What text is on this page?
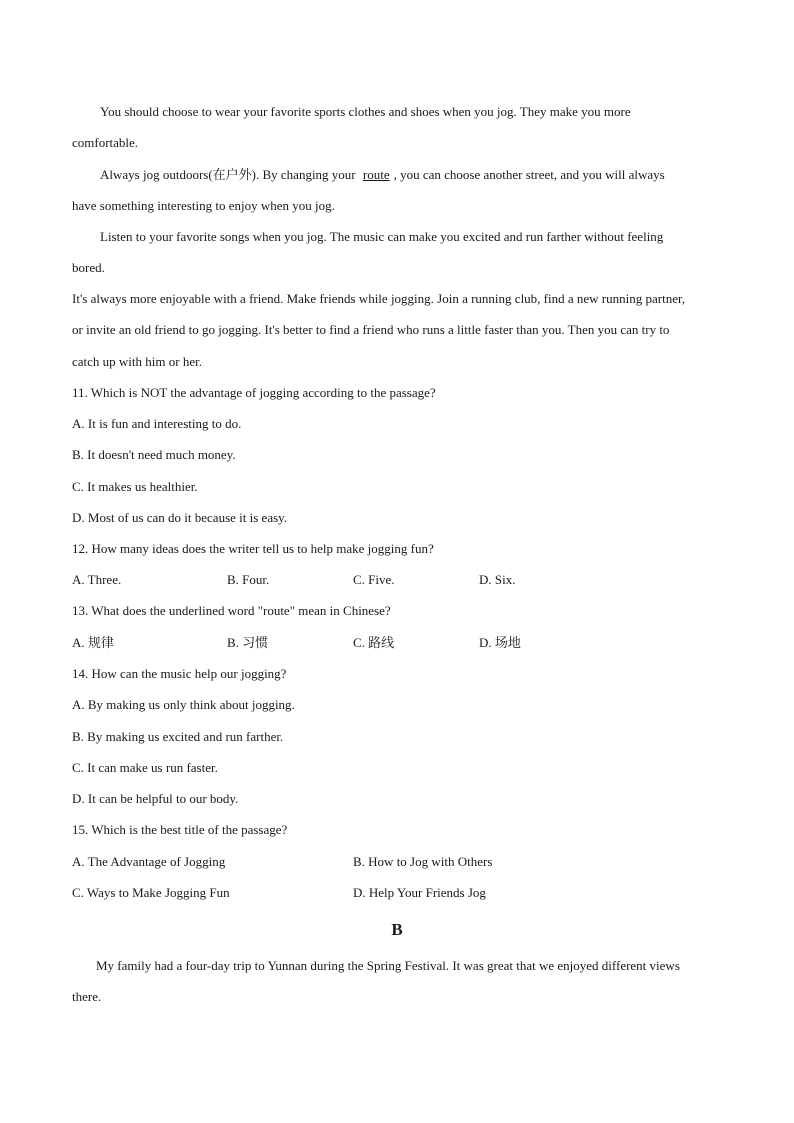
You should choose to wear your favorite sports clothes and shoes when you jog. They make you more
comfortable.
Always jog outdoors(在户外). By changing your route , you can choose another street, and you will always
have something interesting to enjoy when you jog.
Listen to your favorite songs when you jog. The music can make you excited and run farther without feeling
bored.
It's always more enjoyable with a friend. Make friends while jogging. Join a running club, find a new running partner,
or invite an old friend to go jogging. It's better to find a friend who runs a little faster than you. Then you can try to
catch up with him or her.
11. Which is NOT the advantage of jogging according to the passage?
A. It is fun and interesting to do.
B. It doesn't need much money.
C. It makes us healthier.
D. Most of us can do it because it is easy.
12. How many ideas does the writer tell us to help make jogging fun?
A. Three.	B. Four.	C. Five.	D. Six.
13. What does the underlined word "route" mean in Chinese?
A. 规律	B. 习惯	C. 路线	D. 场地
14. How can the music help our jogging?
A. By making us only think about jogging.
B. By making us excited and run farther.
C. It can make us run faster.
D. It can be helpful to our body.
15. Which is the best title of the passage?
A. The Advantage of Jogging	B. How to Jog with Others
C. Ways to Make Jogging Fun	D. Help Your Friends Jog
B
My family had a four-day trip to Yunnan during the Spring Festival. It was great that we enjoyed different views
there.
